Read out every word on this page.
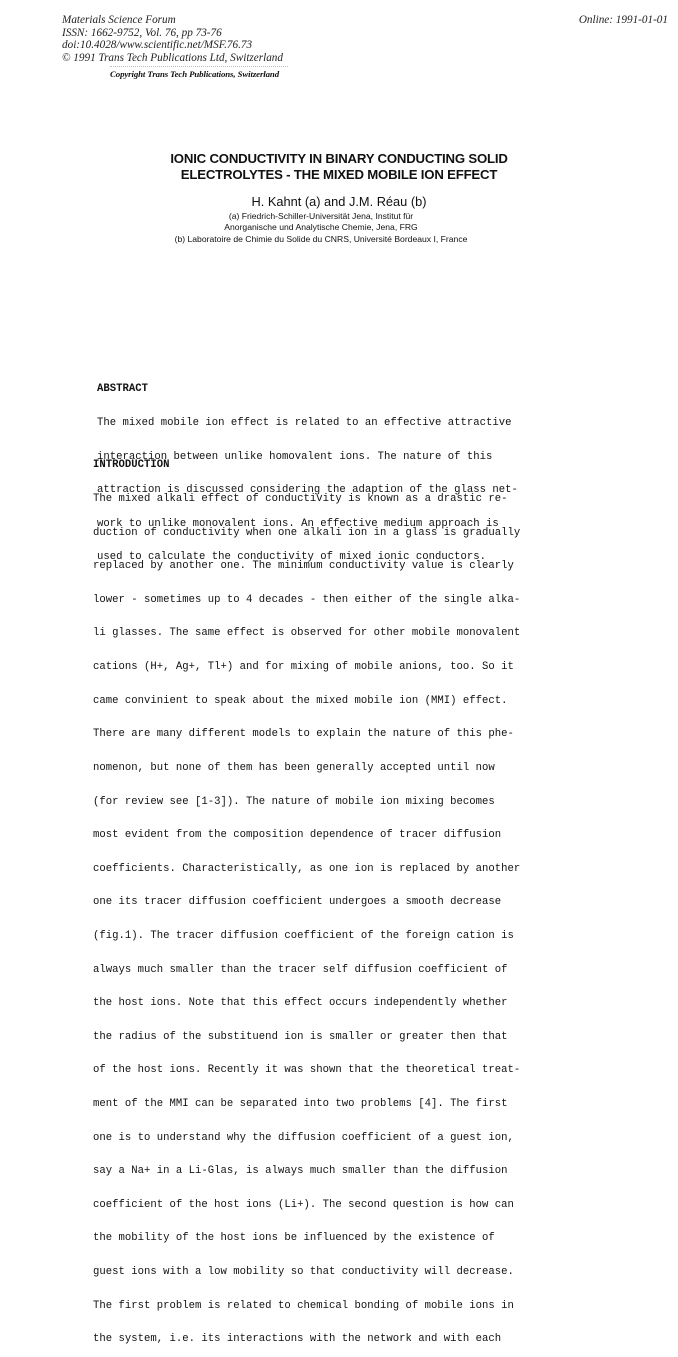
Materials Science Forum
ISSN: 1662-9752, Vol. 76, pp 73-76
doi:10.4028/www.scientific.net/MSF.76.73
© 1991 Trans Tech Publications Ltd, Switzerland
Online: 1991-01-01
Copyright Trans Tech Publications, Switzerland
IONIC CONDUCTIVITY IN BINARY CONDUCTING SOLID
ELECTROLYTES - THE MIXED MOBILE ION EFFECT
H. Kahnt (a) and J.M. Réau (b)
(a) Friedrich-Schiller-Universität Jena, Institut für
Anorganische und Analytische Chemie, Jena, FRG
(b) Laboratoire de Chimie du Solide du CNRS, Université Bordeaux I, France

ABSTRACT

The mixed mobile ion effect is related to an effective attractive

interaction between unlike homovalent ions. The nature of this

attraction is discussed considering the adaption of the glass net-

work to unlike monovalent ions. An effective medium approach is

used to calculate the conductivity of mixed ionic conductors.

INTRODUCTION

The mixed alkali effect of conductivity is known as a drastic re-

duction of conductivity when one alkali ion in a glass is gradually

replaced by another one. The minimum conductivity value is clearly

lower - sometimes up to 4 decades - then either of the single alka-

li glasses. The same effect is observed for other mobile monovalent

cations (H+, Ag+, Tl+) and for mixing of mobile anions, too. So it

came convinient to speak about the mixed mobile ion (MMI) effect.

There are many different models to explain the nature of this phe-

nomenon, but none of them has been generally accepted until now

(for review see [1-3]). The nature of mobile ion mixing becomes

most evident from the composition dependence of tracer diffusion

coefficients. Characteristically, as one ion is replaced by another

one its tracer diffusion coefficient undergoes a smooth decrease

(fig.1). The tracer diffusion coefficient of the foreign cation is

always much smaller than the tracer self diffusion coefficient of

the host ions. Note that this effect occurs independently whether

the radius of the substituend ion is smaller or greater then that

of the host ions. Recently it was shown that the theoretical treat-

ment of the MMI can be separated into two problems [4]. The first

one is to understand why the diffusion coefficient of a guest ion,

say a Na+ in a Li-Glas, is always much smaller than the diffusion

coefficient of the host ions (Li+). The second question is how can

the mobility of the host ions be influenced by the existence of

guest ions with a low mobility so that conductivity will decrease.

The first problem is related to chemical bonding of mobile ions in

the system, i.e. its interactions with the network and with each
